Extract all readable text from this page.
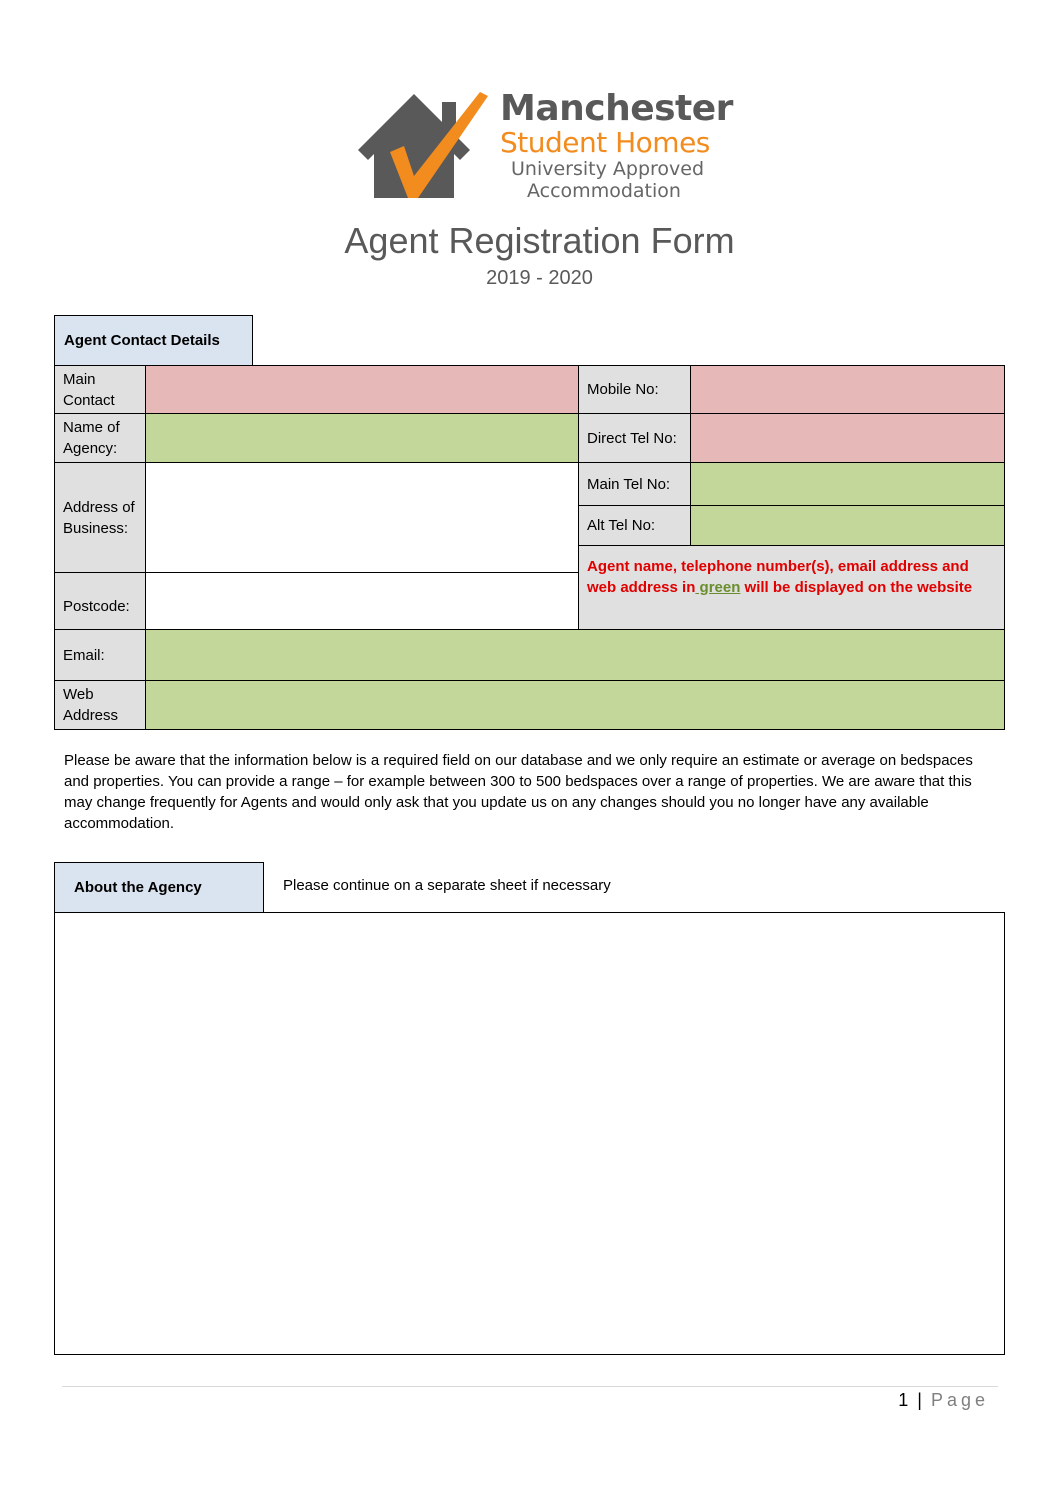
Manchester
Student Homes
University Approved
Accommodation
Agent Registration Form
2019 - 2020
Agent Contact Details
Main Contact
Mobile No:
Name of Agency:
Direct Tel No:
Address of Business:
Main Tel No:
Alt Tel No:
Postcode:
Agent name, telephone number(s), email address and web address in green will be displayed on the website
Email:
Web Address
Please be aware that the information below is a required field on our database and we only require an estimate or average on bedspaces and properties. You can provide a range – for example between 300 to 500 bedspaces over a range of properties. We are aware that this may change frequently for Agents and would only ask that you update us on any changes should you no longer have any available accommodation.
About the Agency	Please continue on a separate sheet if necessary
1 | Page
